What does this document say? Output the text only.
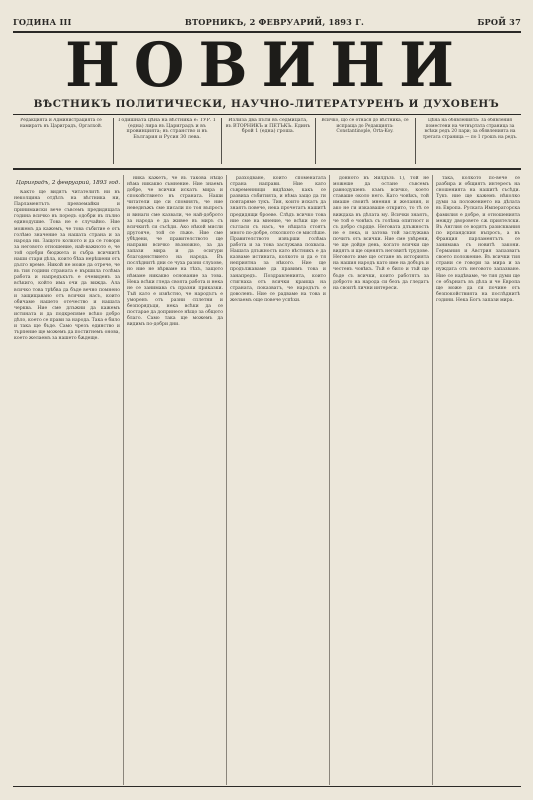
ГОДИНА III	ВТОРНИКЪ, 2 ФЕВРУАРИЙ, 1893 Г.	БРОЙ 37
НОВИНИ
ВѢСТНИКЪ ПОЛИТИЧЕСКИ, НАУЧНО-ЛИТЕРАТУРЕНЪ И ДУХОВЕНЪ
Редакцията и Администрацията се намиратъ въ Цариградъ, Оргалхой.
Годишната цѣна на вѣстника е: ТУР. 1 (една) лира въ Цариградъ и въ провинцията; въ странство и въ България и Русия 30 лева.
Излиза два пъти въ седмицата, въ ВТОРНИКЪ и ПЕТЪКЪ. Единъ брой 1 (една) гроша.
Всичко, що се отнася до вѣстника, се испраща до Редакцията: Constantinople, Orta-Koy.
Цѣна на обявленията: За обявления поместени на четвъртата страница за всѣки редъ 20 пари; за обявленията на третата страница — по 1 грошъ на редъ.
Цариградъ, 2 февруарий, 1893 год.

Както ще видятъ читателитѣ ни въ неколцина отдѣлъ на вѣстника ни, Парламентътъ превземайки и принимаиски вече съвсемъ предидящата година всичко въ поредъ одобри въ пълно единодушие. Това не е случайно. Ние можемъ да кажемъ, че това събитие е отъ голѣмо значение за нашата страна и за народа ни. Защото колкото и да се говори за неговото отношение, най-важното е, че той одобри бюджета и събра всичкитѣ наши стари дѣла, които бѣха нерѣшени отъ дълго време. Никой не може да отрече, че въ тия години страната е вършила голѣма работа и напредъкътъ е очевиденъ за всѣкиго, който има очи да вижда. Ала всичко това трѣбва да бъде вечно помнено и защищавано отъ всички насъ, които обичаме нашето отечество и нашата черква. Ние сме длъжни да кажемъ истината и да подкрепяме всѣко добро дѣло, което се прави за народа. Така е било и така ще бъде. Само чрезъ единство и търпение ще можемъ да постигнемъ онова, което желаемъ за нашето бѫдеще.

ника кажетъ, че въ такова нѣщо нѣма никакво съмнение. Ние знаемъ добре, че всички искатъ мира и спокойствието въ страната. Наши читатели ще си спомнятъ, че ние неведнъжъ сме писали по тоя въпросъ и винаги сме казвали, че най-доброто за народа е да живее въ миръ съ всичкитѣ си съсѣди. Ако нѣкой мисли другояче, той се лъже. Ние сме убѣдени, че правителството ще направи всичко възможно, за да запази мира и да осигури благоденствието на народа. Въ послѣднитѣ дни се чуха разни слухове, но ние не вѣрваме на тѣхъ, защото нѣмаме никакво основание за това. Нека всѣки гледа своята работа и нека не се занимава съ празни приказки. Тъй като е извѣстно, че народътъ е уморенъ отъ разни сплетни и безпорядъци, нека всѣки да се постарае да допринесе нѣщо за общото благо. Само така ще можемъ да видимъ по-добри дни.

разходване, които споменатата страна направи. Ние като съвременници видѣхме, какъ се развиха събитията, и нѣма защо да ги повтаряме тукъ. Тия, които искатъ да знаятъ повече, нека прочетатъ нашитѣ предидящи броеве. Слѣдъ всичко това ние сме на мнение, че всѣки ще се съгласи съ насъ, че нѣщата стоятъ много по-добре, отколкото се мислѣше. Правителството извърши голѣма работа и за това заслужава похвала. Нашата длъжность като вѣстникъ е да казваме истината, колкото и да е тя неприятна за нѣкого. Ние ще продължаваме да правимъ това и занапредъ. Поздравленията, които стигнаха отъ всички краища на страната, показватъ, че народътъ е доволенъ. Ние се радваме на това и желаемъ още повече успѣхи.

донното въ Яилдъзъ 1), той не можеше да остане съвсемъ равнодушенъ къмъ всичко, което ставаше около него. Като човѣкъ, той имаше своитѣ мнения и желания, и ако не ги изказваше открито, то тѣ се виждаха въ дѣлата му. Всички знаятъ, че той е човѣкъ съ голѣма опитност и съ добро сърдце. Неговата длъжность не е лека, и затова той заслужава почитъ отъ всички. Ние сме увѣрени, че ще дойде день, когато всички ще видятъ и ще оценятъ неговитѣ трудове. Неговото име ще остане въ историята на нашия народъ като име на добъръ и честенъ човѣкъ. Тъй е било и тъй ще бъде съ всички, които работятъ за доброто на народа си безъ да гледатъ на своитѣ лични интереси.

така, колкото по-вече се разбира и общиятъ интересъ на сношенията на нашитѣ съсѣди. Тукъ ние ще кажемъ нѣколко думи за положението на дѣлата въ Европа. Руската Императорска фамилия е добре, и отношенията между дворовете сѫ приятелски. Въ Англия се водятъ разисквания по ирландския въпросъ, а въ Франция парламентътъ се занимава съ новитѣ закони. Германия и Австрия запазватъ своето положение. Въ всички тия страни се говори за мира и за нуждата отъ неговото запазване. Ние се надѣваме, че тия думи ще се обърнатъ въ дѣла и че Европа ще може да си почине отъ безпокойствията на послѣднитѣ години. Нека Богъ запази мира.
